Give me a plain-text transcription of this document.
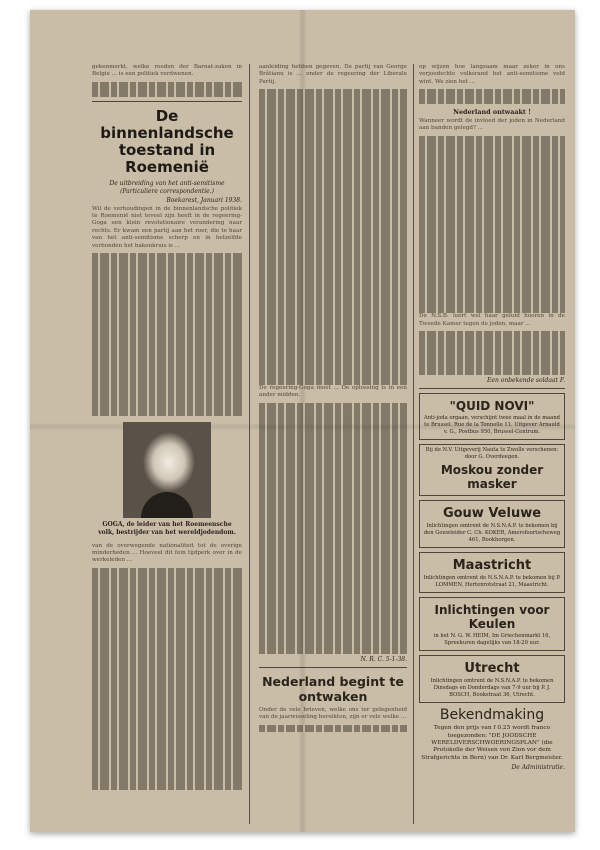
gekenmerkt, welke reeden der Barnat-zaken in Belgie ... is een politiek verdwenen.

De binnenlandsche toestand in Roemenië
De uitbreiding van het anti-semitisme
(Particuliere correspondentie.)
Boekarest, Januari 1938.

Wil de verhoudingen in de binnenlandsche politiek te Roemenië niet teveel zijn heeft in de regeering-Goga een klein revolutionaire verandering naar rechts. Er kwam een partij aan het roer, die te haar van het anti-semitisme scherp en in hetzelfde verbonden het bakenkruis is ...

GOGA, de leider van het Roemeensche volk, bestrijder van het wereldjodendom.

van de overwegende nationaliteit tot de overige minderheden ... Hoeveel dit fein tijdperk over in de werkeleden ...

aanleiding hebben gegeven. De partij van George Brătianu is ... onder de regeering der Liberale Partij.

De regeering-Goga moet ... De oplossing is in een ander midden.

N. R. C. 5-1-38.
Nederland begint te ontwaken

Onder de vele brieven, welke ons ter gelegenheid van de jaarwisseling bereikten, zijn er vele welke ...

op wijzen hoe langzaam maar zeker in ons verjoodschte volksrand het anti-semitisme veld wint. We zien het ...

Nederland ontwaakt !

Wanneer wordt de invloed der joden in Nederland aan banden gelegd? ...

De N.S.B. leert wel haar geluid hooren in de Tweede Kamer tegen de joden, maar ...

Een onbekende soldaat F.
"QUID NOVI"
Anti-joda orgaan, verschijnt twee maal in de maand te Brussel. Rue de la Tonnelle 11. Uitgever Arnauld v. G., Postbus 950, Brussel-Centrum.
Bij de N.V. Uitgeverij Nauta te Zwolle verschenen: door G. Overdeegen.
Moskou zonder masker
Gouw Veluwe
Inlichtingen omtrent de N.S.N.A.P. te bekomen bij den Gouwleider C. Ch. KOKER, Amersfoortscheweg 461, Bookhorgen.
Maastricht
Inlichtingen omtrent de N.S.N.A.P. te bekomen bij P. LOMMEN, Hertenrotstraat 21, Maastricht.
Inlichtingen voor Keulen
in het N. G. W. HEIM, Im Griechenmarkt 16, Spreekuren dagelijks van 18-20 uur.
Utrecht
Inlichtingen omtrent de N.S.N.A.P. te bekomen Dinsdags en Donderdags van 7-9 uur bij P. J. BOSCH, Bookstraat 36, Utrecht.
Bekendmaking
Tegen den prijs van f 0.25 wordt franco toegezonden: "DE JOODSCHE WERELDVERSCHWOERINGSPLAN" (die Protokolle der Weisen von Zion vor dem Strafgerichte in Bern) van Dr. Karl Bergmeister.
De Administratie.
